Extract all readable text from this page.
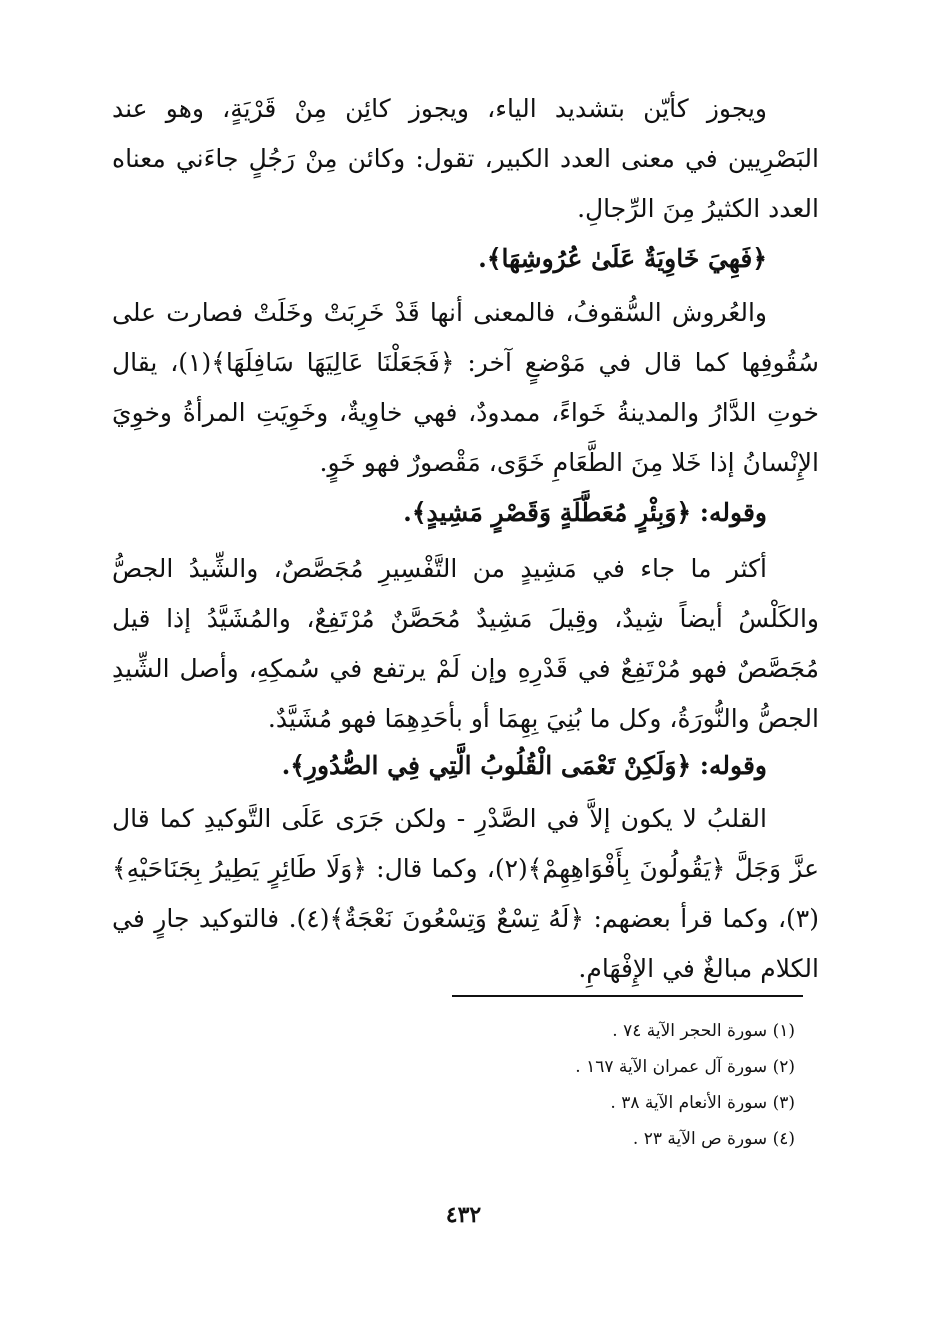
ويجوز كأيّن بتشديد الياء، ويجوز كائِن مِنْ قَرْيَةٍ، وهو عند البَصْرِيين في معنى العدد الكبير، تقول: وكائن مِنْ رَجُلٍ جاءَني معناه العدد الكثيرُ مِنَ الرِّجالِ.

﴿فَهِيَ خَاوِيَةٌ عَلَىٰ عُرُوشِهَا﴾.

والعُروش السُّقوفُ، فالمعنى أنها قَدْ خَرِبَتْ وخَلَتْ فصارت على سُقُوفِها كما قال في مَوْضعٍ آخر: ﴿فَجَعَلْنَا عَالِيَهَا سَافِلَهَا﴾(١)، يقال خوتِ الدَّارُ والمدينةُ خَواءً، ممدودٌ، فهي خاوِيةٌ، وخَوِيَتِ المرأةُ وخوِيَ الإِنْسانُ إذا خَلا مِنَ الطَّعَامِ خَوًى، مَقْصورٌ فهو خَوٍ.

وقوله: ﴿وَبِئْرٍ مُعَطَّلَةٍ وَقَصْرٍ مَشِيدٍ﴾.

أكثر ما جاء في مَشِيدٍ من التَّفْسِيرِ مُجَصَّصٌ، والشِّيدُ الجصُّ والكَلْسُ أيضاً شِيدٌ، وقِيلَ مَشِيدٌ مُحَصَّنٌ مُرْتَفِعٌ، والمُشَيَّدُ إذا قيل مُجَصَّصٌ فهو مُرْتَفِعٌ في قَدْرِهِ وإن لَمْ يرتفع في سُمكِهِ، وأصل الشِّيدِ الجصُّ والنُّورَةُ، وكل ما بُنِيَ بِهِمَا أو بأحَدِهِمَا فهو مُشَيَّدٌ.

وقوله: ﴿وَلَكِنْ تَعْمَى الْقُلُوبُ الَّتِي فِي الصُّدُورِ﴾.

القلبُ لا يكون إلاَّ في الصَّدْرِ - ولكن جَرَى عَلَى التَّوكيدِ كما قال عزَّ وَجَلَّ ﴿يَقُولُونَ بِأَفْوَاهِهِمْ﴾(٢)، وكما قال: ﴿وَلَا طَائِرٍ يَطِيرُ بِجَنَاحَيْهِ﴾(٣)، وكما قرأ بعضهم: ﴿لَهُ تِسْعٌ وَتِسْعُونَ نَعْجَةٌ﴾(٤). فالتوكيد جارٍ في الكلام مبالغٌ في الإِفْهَامِ.

(١) سورة الحجر الآية ٧٤ .
(٢) سورة آل عمران الآية ١٦٧ .
(٣) سورة الأنعام الآية ٣٨ .
(٤) سورة ص الآية ٢٣ .
٤٣٢
